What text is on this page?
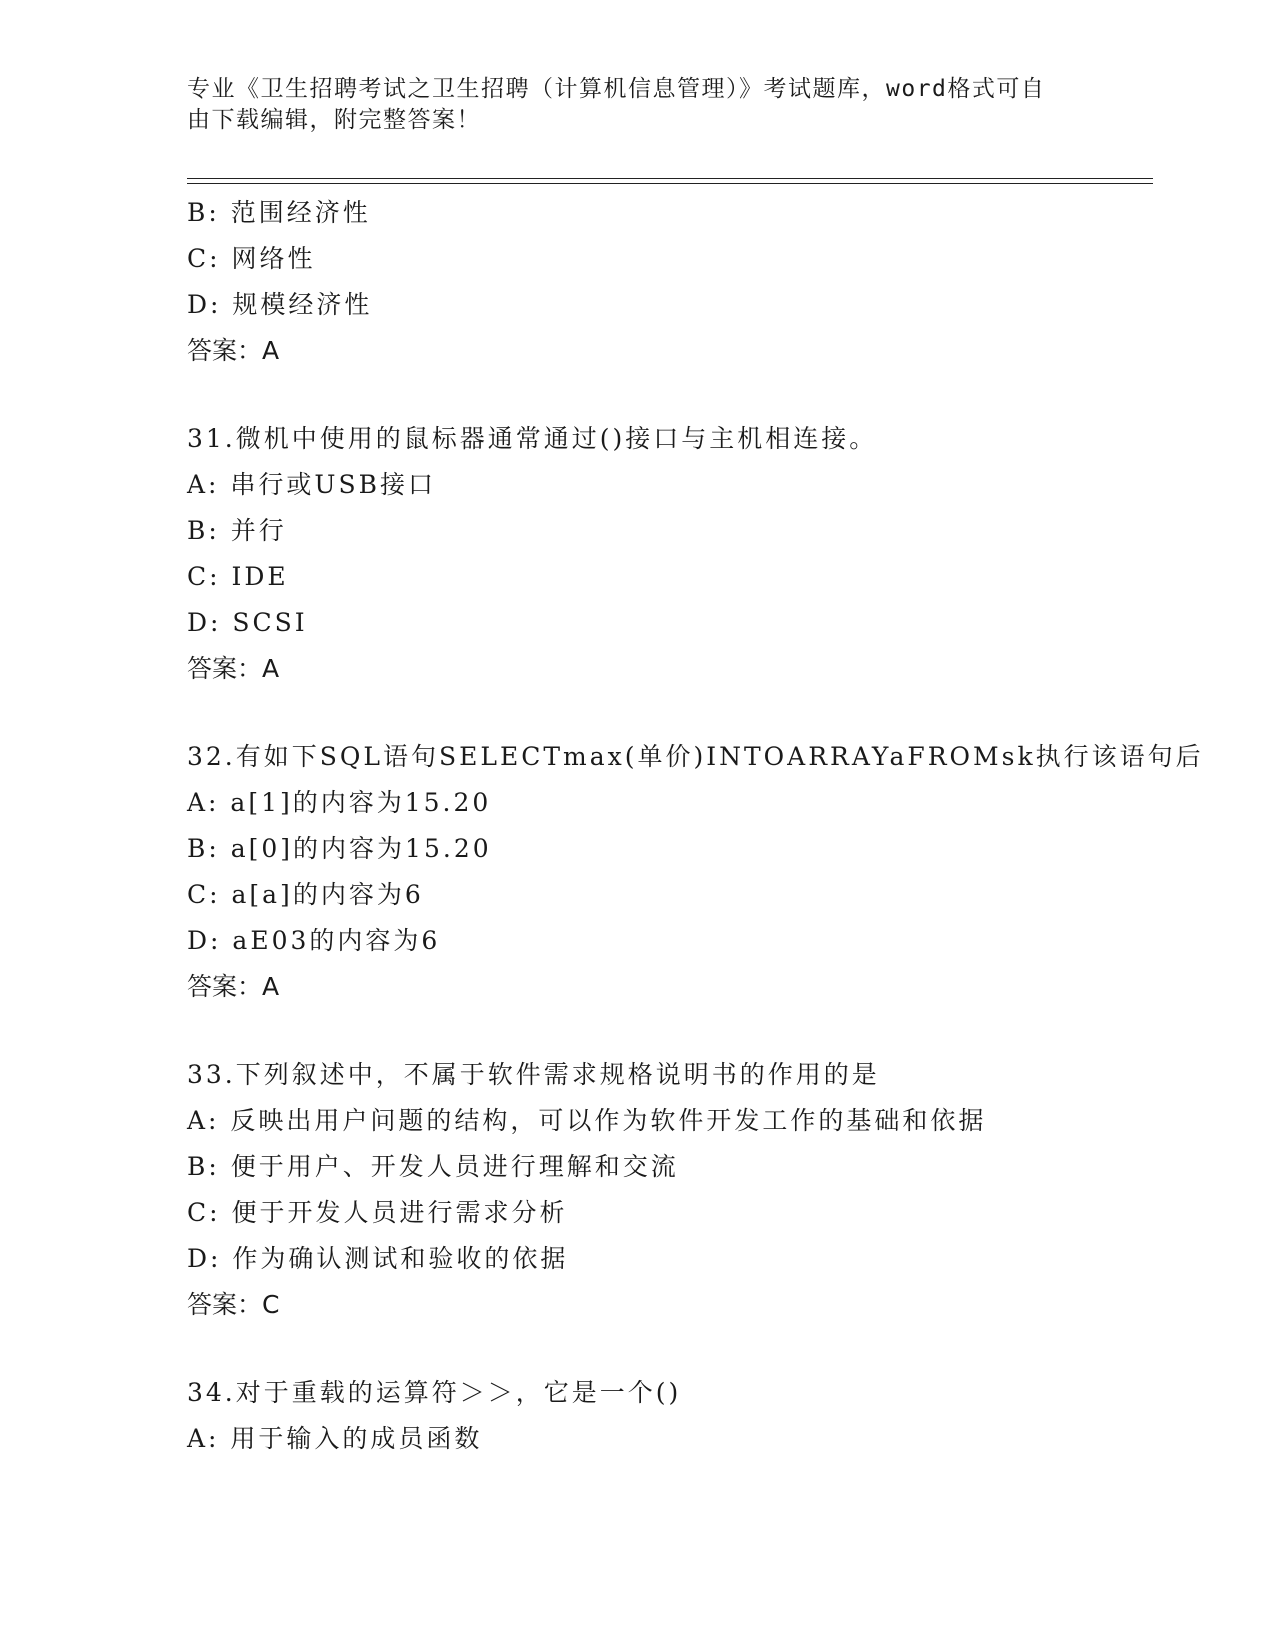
专业《卫生招聘考试之卫生招聘（计算机信息管理）》考试题库，word格式可自
由下载编辑，附完整答案！
B: 范围经济性
C: 网络性
D: 规模经济性
答案：A
31.微机中使用的鼠标器通常通过()接口与主机相连接。
A: 串行或USB接口
B: 并行
C: IDE
D: SCSI
答案：A
32.有如下SQL语句SELECTmax(单价)INTOARRAYaFROMsk执行该语句后
A: a[1]的内容为15.20
B: a[0]的内容为15.20
C: a[a]的内容为6
D: aE03的内容为6
答案：A
33.下列叙述中，不属于软件需求规格说明书的作用的是
A: 反映出用户问题的结构，可以作为软件开发工作的基础和依据
B: 便于用户、开发人员进行理解和交流
C: 便于开发人员进行需求分析
D: 作为确认测试和验收的依据
答案：C
34.对于重载的运算符＞＞，它是一个()
A: 用于输入的成员函数
